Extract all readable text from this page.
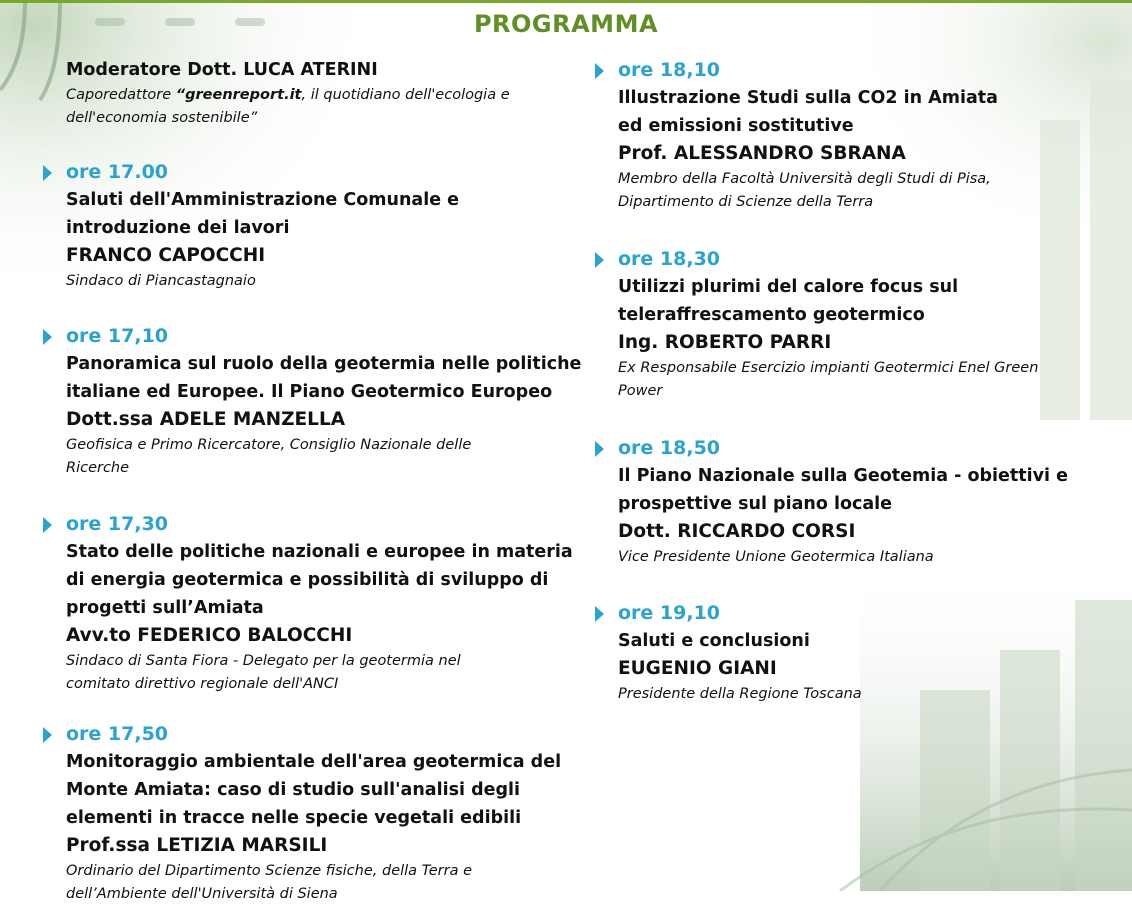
PROGRAMMA
Moderatore Dott. LUCA ATERINI
Caporedattore “greenreport.it, il quotidiano dell'ecologia e
dell'economia sostenibile”
ore 17.00
Saluti dell'Amministrazione Comunale e
introduzione dei lavori
FRANCO CAPOCCHI
Sindaco di Piancastagnaio
ore 17,10
Panoramica sul ruolo della geotermia nelle politiche
italiane ed Europee. Il Piano Geotermico Europeo
Dott.ssa ADELE MANZELLA
Geofisica e Primo Ricercatore, Consiglio Nazionale delle
Ricerche
ore 17,30
Stato delle politiche nazionali e europee in materia
di energia geotermica e possibilità di sviluppo di
progetti sull’Amiata
Avv.to FEDERICO BALOCCHI
Sindaco di Santa Fiora - Delegato per la geotermia nel
comitato direttivo regionale dell'ANCI
ore 17,50
Monitoraggio ambientale dell'area geotermica del
Monte Amiata: caso di studio sull'analisi degli
elementi in tracce nelle specie vegetali edibili
Prof.ssa LETIZIA MARSILI
Ordinario del Dipartimento Scienze fisiche, della Terra e
dell’Ambiente dell'Università di Siena
ore 18,10
Illustrazione Studi sulla CO2 in Amiata
ed emissioni sostitutive
Prof. ALESSANDRO SBRANA
Membro della Facoltà Università degli Studi di Pisa,
Dipartimento di Scienze della Terra
ore 18,30
Utilizzi plurimi del calore focus sul
teleraffrescamento geotermico
Ing. ROBERTO PARRI
Ex Responsabile Esercizio impianti Geotermici Enel Green
Power
ore 18,50
Il Piano Nazionale sulla Geotemia - obiettivi e
prospettive sul piano locale
Dott. RICCARDO CORSI
Vice Presidente Unione Geotermica Italiana
ore 19,10
Saluti e conclusioni
EUGENIO GIANI
Presidente della Regione Toscana
